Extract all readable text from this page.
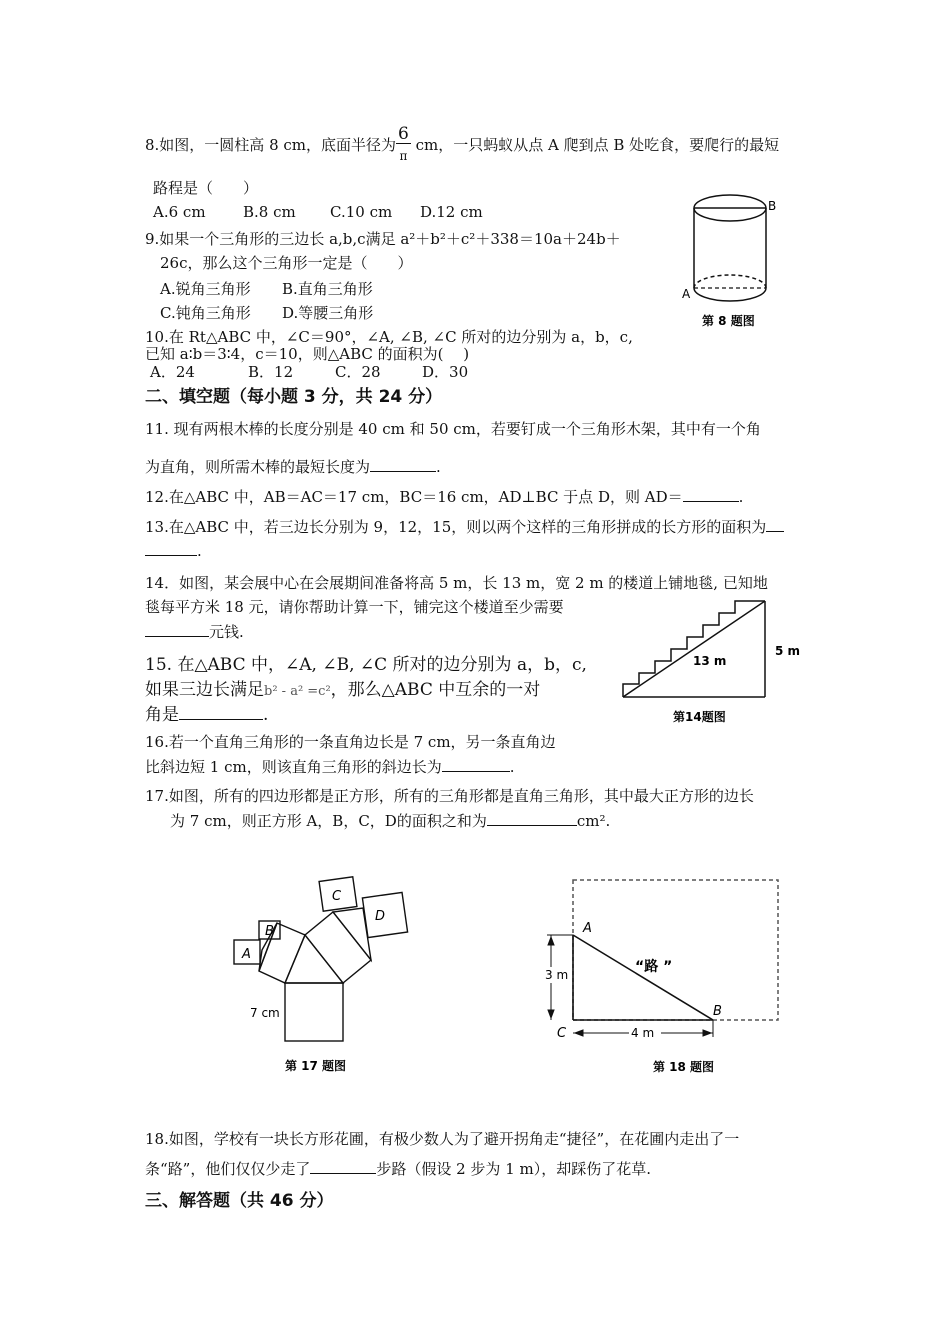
8.如图，一圆柱高 8 cm，底面半径为 $\frac{6}{\pi}$ cm，一只蚂蚁从点 A 爬到点 B 处吃食，要爬行的最短
路程是（　　）
A.6 cm B.8 cm C.10 cm D.12 cm	B
A
第 8 题图
9.如果一个三角形的三边长 a,b,c满足 a²＋b²＋c²＋338＝10a＋24b＋
26c，那么这个三角形一定是（　　）
A.锐角三角形 B.直角三角形
C.钝角三角形 D.等腰三角形
10.在 Rt△ABC 中，∠C＝90°，∠A, ∠B, ∠C 所对的边分别为 a，b，c,
已知 a∶b＝3∶4，c＝10，则△ABC 的面积为(　 )
A．24	B．12	C．28	D．30
二、填空题（每小题 3 分，共 24 分）
11. 现有两根木棒的长度分别是 40 cm 和 50 cm，若要钉成一个三角形木架，其中有一个角
为直角，则所需木棒的最短长度为	.
12.在△ABC 中，AB＝AC＝17 cm，BC＝16 cm，AD⊥BC 于点 D，则 AD＝	.
13.在△ABC 中，若三边长分别为 9，12，15，则以两个这样的三角形拼成的长方形的面积为
.
14．如图，某会展中心在会展期间准备将高 5 m，长 13 m，宽 2 m 的楼道上铺地毯, 已知地
毯每平方米 18 元，请你帮助计算一下，铺完这个楼道至少需要
元钱.
13 m
5 m
第14题图
15. 在△ABC 中，∠A, ∠B, ∠C 所对的边分别为 a，b，c,
如果三边长满足b² - a² =c²，那么△ABC 中互余的一对
角是	.
16.若一个直角三角形的一条直角边长是 7 cm，另一条直角边
比斜边短 1 cm，则该直角三角形的斜边长为	.
17.如图，所有的四边形都是正方形，所有的三角形都是直角三角形，其中最大正方形的边长
为 7 cm，则正方形 A，B，C，D的面积之和为	cm².
A
B
C
D
7 cm
第 17 题图
3 m
4 m
A
B
C
“路 ”
第 18 题图
18.如图，学校有一块长方形花圃，有极少数人为了避开拐角走“捷径”，在花圃内走出了一
条“路”，他们仅仅少走了	步路（假设 2 步为 1 m），却踩伤了花草.
三、解答题（共 46 分）
